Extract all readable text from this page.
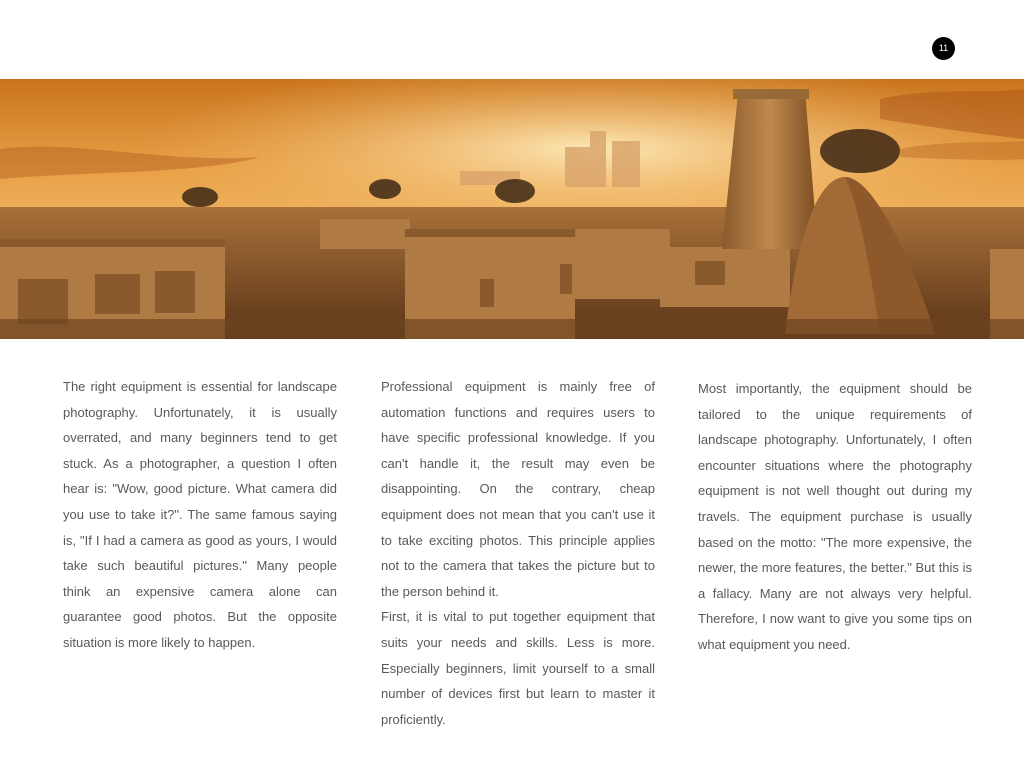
11

The right equipment is essential for landscape photography. Unfortunately, it is usually overrated, and many beginners tend to get stuck. As a photographer, a question I often hear is: "Wow, good picture. What camera did you use to take it?". The same famous saying is, "If I had a camera as good as yours, I would take such beautiful pictures." Many people think an expensive camera alone can guarantee good photos. But the opposite situation is more likely to happen.

Professional equipment is mainly free of automation functions and requires users to have specific professional knowledge. If you can't handle it, the result may even be disappointing. On the contrary, cheap equipment does not mean that you can't use it to take exciting photos. This principle applies not to the camera that takes the picture but to the person behind it.

First, it is vital to put together equipment that suits your needs and skills. Less is more. Especially beginners, limit yourself to a small number of devices first but learn to master it proficiently.

Most importantly, the equipment should be tailored to the unique requirements of landscape photography. Unfortunately, I often encounter situations where the photography equipment is not well thought out during my travels. The equipment purchase is usually based on the motto: "The more expensive, the newer, the more features, the better." But this is a fallacy. Many are not always very helpful. Therefore, I now want to give you some tips on what equipment you need.
